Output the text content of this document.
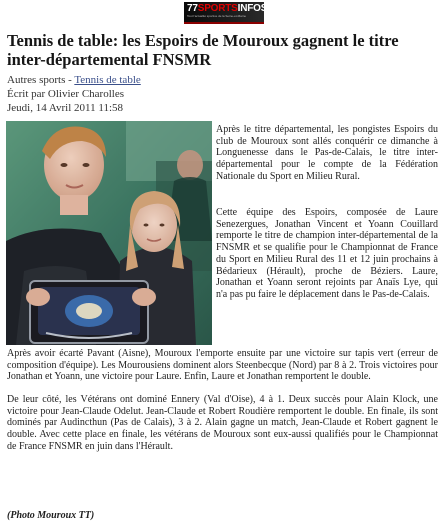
77SPORTSINFOS
Tout l'actualité sportive de la Seine-et-Marne
Tennis de table: les Espoirs de Mouroux gagnent le titre inter-départemental FNSMR
Autres sports - Tennis de table
Écrit par Olivier Charolles
Jeudi, 14 Avril 2011 11:58

Après le titre départemental, les pongistes Espoirs du club de Mouroux sont allés conquérir ce dimanche à Longuenesse dans le Pas-de-Calais, le titre inter-départemental pour le compte de la Fédération Nationale du Sport en Milieu Rural.

Cette équipe des Espoirs, composée de Laure Senezergues, Jonathan Vincent et Yoann Couillard remporte le titre de champion inter-départemental de la FNSMR et se qualifie pour le Championnat de France du Sport en Milieu Rural des 11 et 12 juin prochains à Bédarieux (Hérault), proche de Béziers. Laure, Jonathan et Yoann seront rejoints par Anaïs Lye, qui n'a pas pu faire le déplacement dans le Pas-de-Calais.

Après avoir écarté Pavant (Aisne), Mouroux l'emporte ensuite par une victoire sur tapis vert (erreur de composition d'équipe). Les Mourousiens dominent alors Steenbecque (Nord) par 8 à 2. Trois victoires pour Jonathan et Yoann, une victoire pour Laure. Enfin, Laure et Jonathan remportent le double.

De leur côté, les Vétérans ont dominé Ennery (Val d'Oise), 4 à 1. Deux succès pour Alain Klock, une victoire pour Jean-Claude Odelut. Jean-Claude et Robert Roudière remportent le double. En finale, ils sont dominés par Audincthun (Pas de Calais), 3 à 2. Alain gagne un match, Jean-Claude et Robert gagnent le double. Avec cette place en finale, les vétérans de Mouroux sont eux-aussi qualifiés pour le Championnat de France FNSMR en juin dans l'Hérault.

(Photo Mouroux TT)
